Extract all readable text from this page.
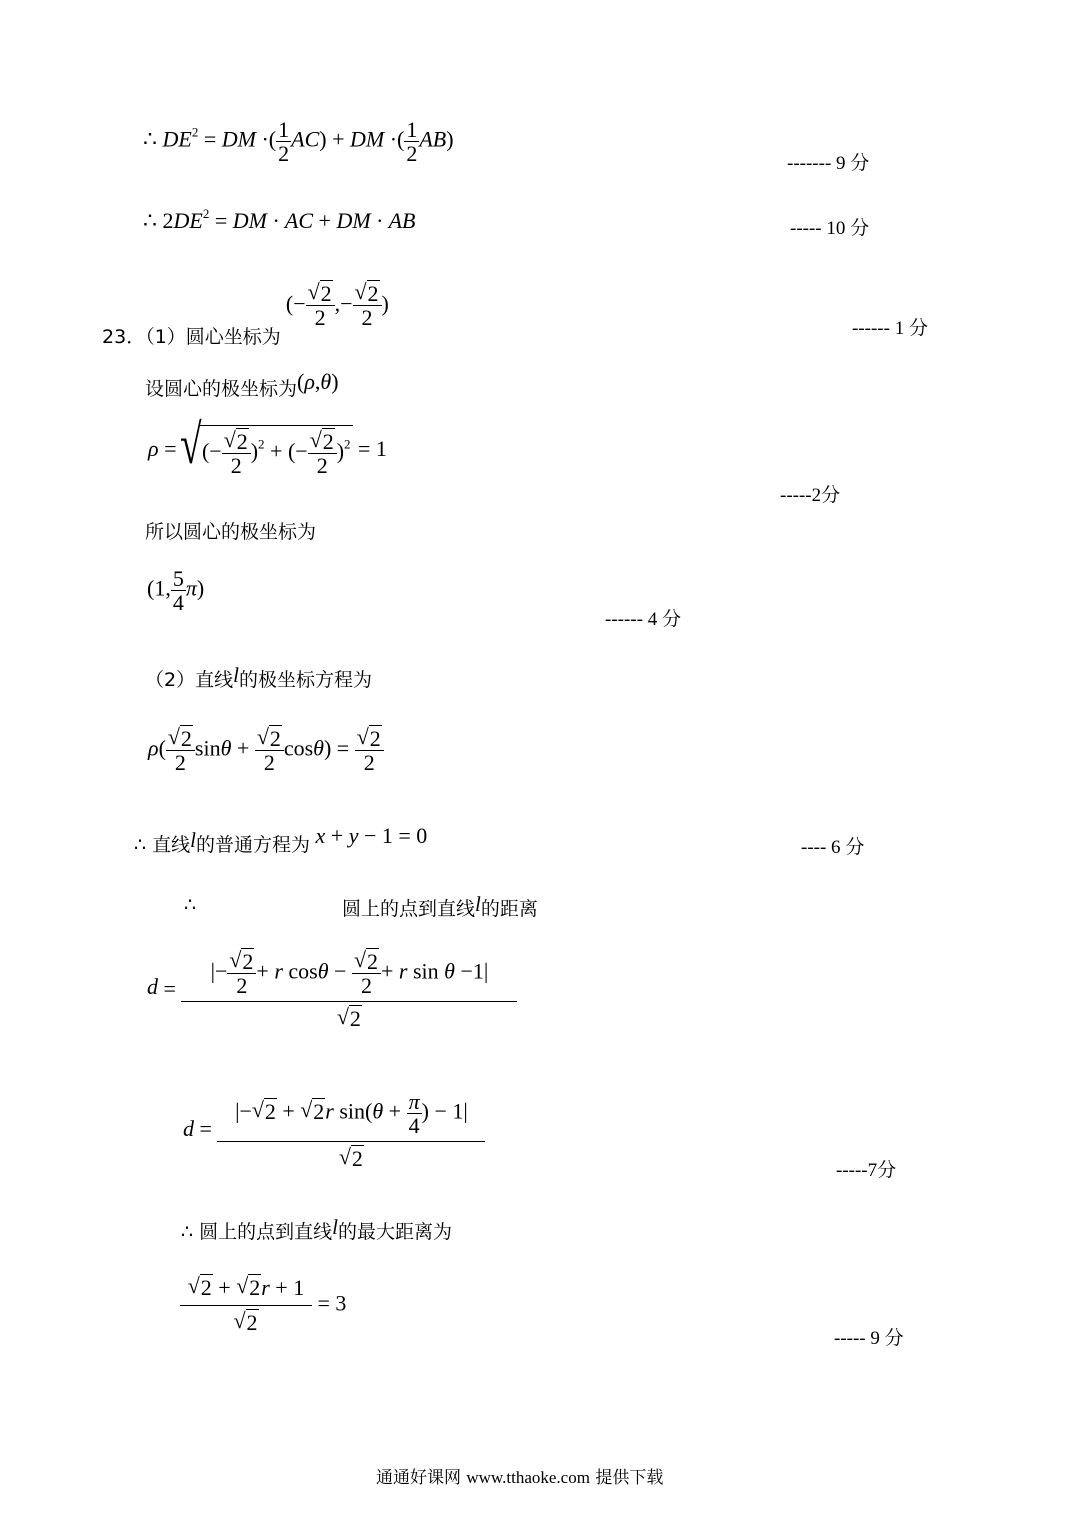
∴ $DE^2$ = DM ·( $\frac{1}{2} AC$) + DM ·( $\frac{1}{2} AB$)
------- 9 分
∴ $2DE^2$ = DM · AC + DM · AB	----- 10 分
23．（1）圆心坐标为 (− √ $\frac{2}{2}$ ,− √ $\frac{2}{2}$ )
------ 1 分
设圆心的极坐标为(ρ,θ)
ρ = √ (− √ $\frac{2}{2} )^2$ + (− √ $\frac{2}{2} )^2 = 1$
-----2分
所以圆心的极坐标为
(1, $\frac{5}{4} \pi$)
------ 4 分
（2）直线l的极坐标方程为
ρ( √ $\frac{2}{2}$ sinθ + √ $\frac{2}{2} \cos\theta$) = √ $\frac{2}{2}$
∴ 直线l的普通方程为 x + y − 1 = 0	---- 6 分
∴	圆上的点到直线l的距离
d = |− √ $\frac{2}{2} + r$ cosθ − √ $\frac{2}{2} + r$ sin θ −1|
√ 2
d = |− √ 2 + √ 2r $\sin(\theta + \frac{\pi}{4}$ ) − 1|
√ 2	-----7分
∴ 圆上的点到直线l的最大距离为
√ 2 + √ 2r + 1
√ 2 = 3
----- 9 分
通通好课网 www.tthaoke.com 提供下载
